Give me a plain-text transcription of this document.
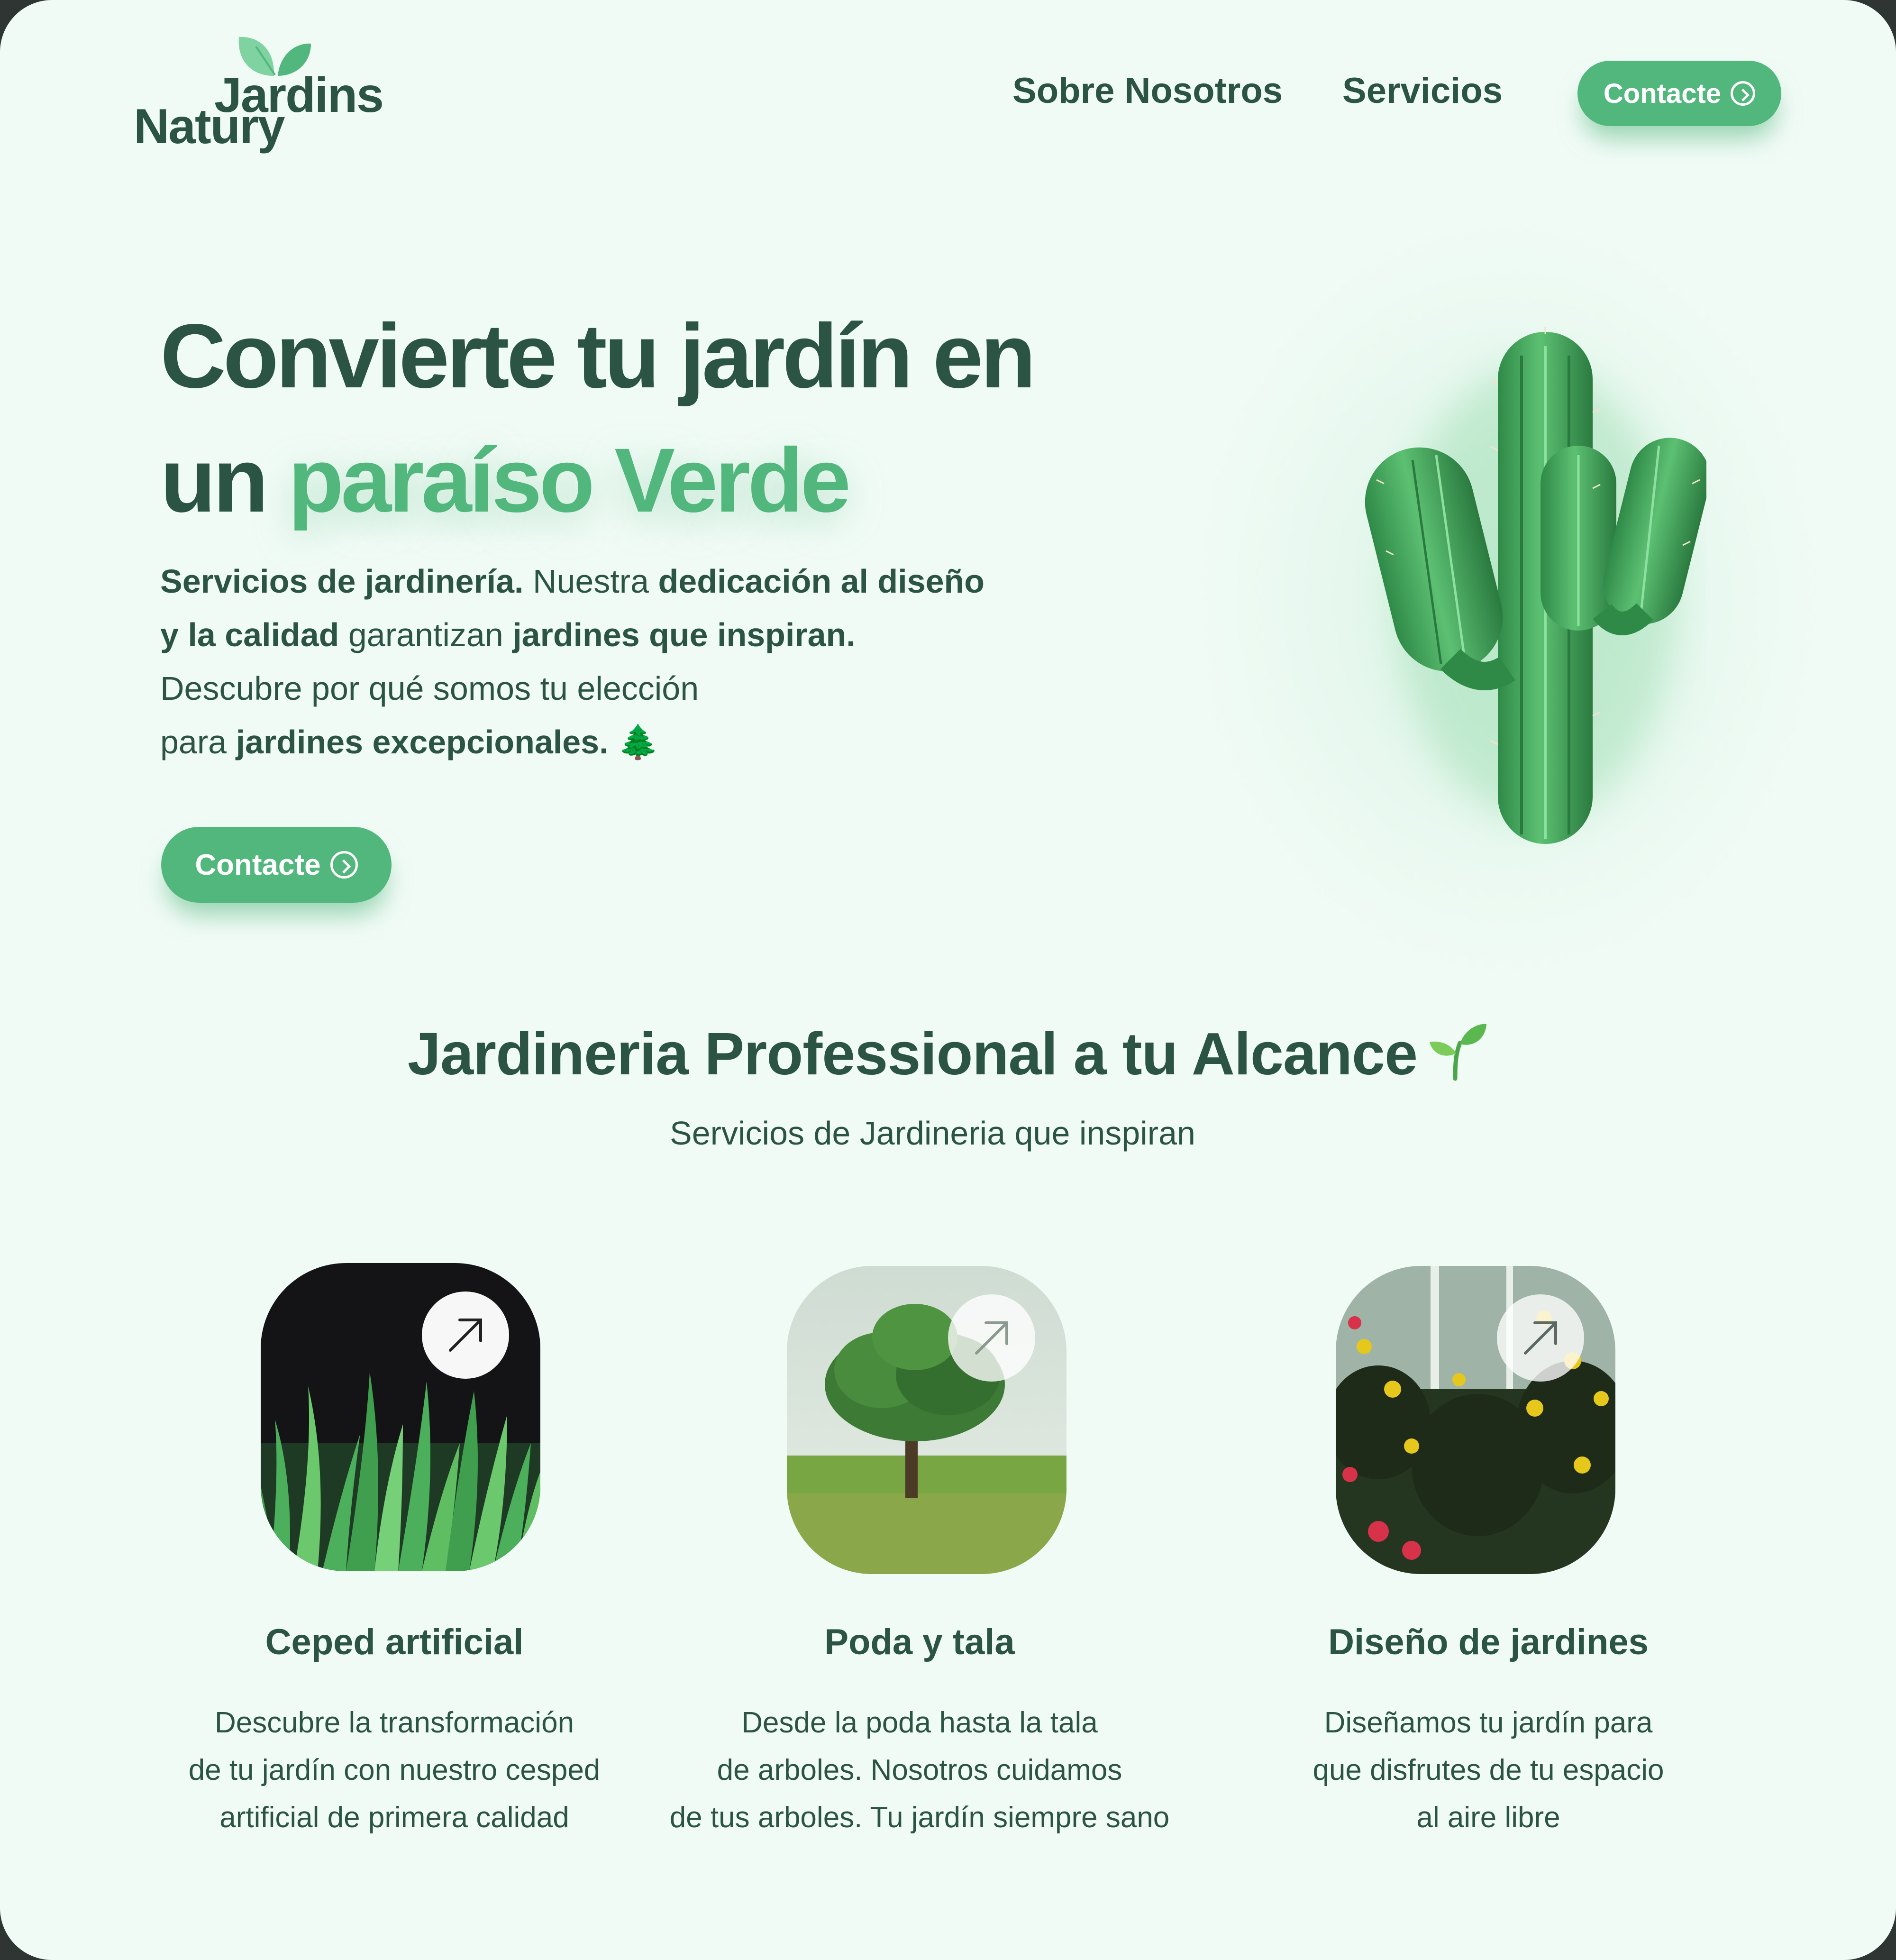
Jardins
Natury
Sobre Nosotros Servicios	Contacte
Convierte tu jardín en
un paraíso Verde
Servicios de jardinería. Nuestra dedicación al diseño
y la calidad garantizan jardines que inspiran.
Descubre por qué somos tu elección
para jardines excepcionales. 🌲
Contacte
Jardineria Professional a tu Alcance
Servicios de Jardineria que inspiran
Ceped artificial

Descubre la transformación
de tu jardín con nuestro cesped
artificial de primera calidad

Poda y tala

Desde la poda hasta la tala
de arboles. Nosotros cuidamos
de tus arboles. Tu jardín siempre sano

Diseño de jardines

Diseñamos tu jardín para
que disfrutes de tu espacio
al aire libre
